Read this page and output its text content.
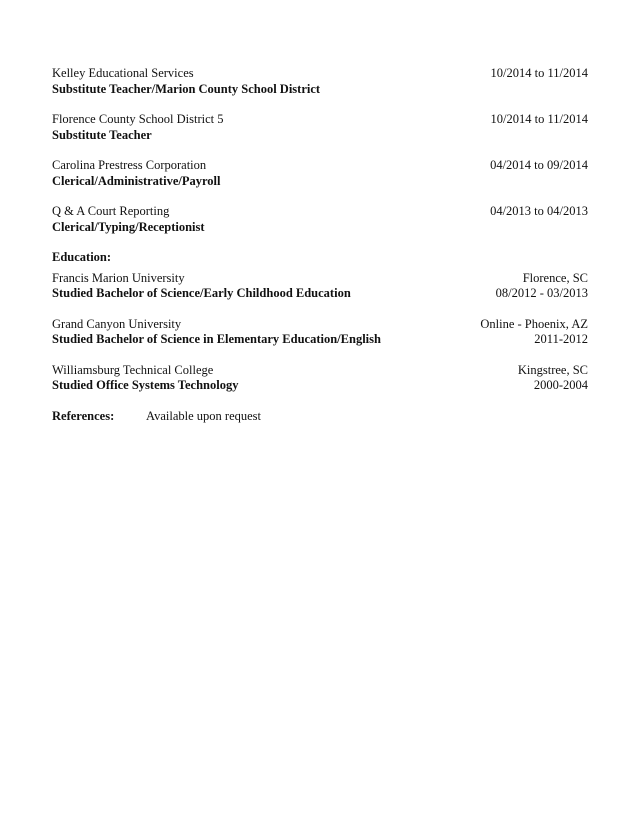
Kelley Educational Services	10/2014 to 11/2014
Substitute Teacher/Marion County School District
Florence County School District 5	10/2014 to 11/2014
Substitute Teacher
Carolina Prestress Corporation	04/2014 to 09/2014
Clerical/Administrative/Payroll
Q & A Court Reporting	04/2013 to 04/2013
Clerical/Typing/Receptionist
Education:
Francis Marion University	Florence, SC
Studied Bachelor of Science/Early Childhood Education	08/2012 - 03/2013
Grand Canyon University	Online - Phoenix, AZ
Studied Bachelor of Science in Elementary Education/English	2011-2012
Williamsburg Technical College	Kingstree, SC
Studied Office Systems Technology	2000-2004
References:	Available upon request
